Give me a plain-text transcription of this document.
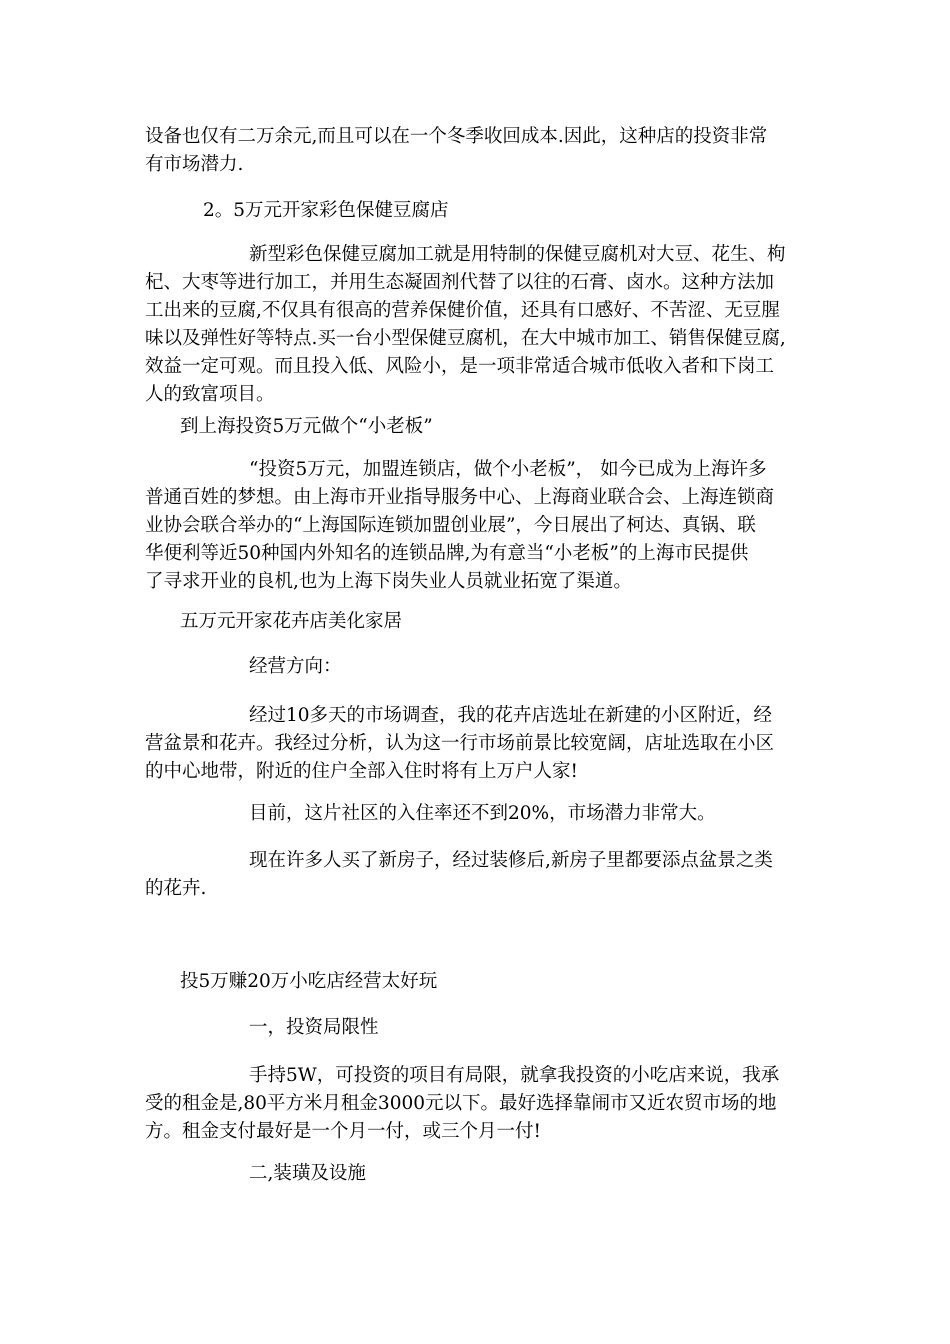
设备也仅有二万余元,而且可以在一个冬季收回成本.因此，这种店的投资非常
有市场潜力.
2。5万元开家彩色保健豆腐店
新型彩色保健豆腐加工就是用特制的保健豆腐机对大豆、花生、枸
杞、大枣等进行加工，并用生态凝固剂代替了以往的石膏、卤水。这种方法加
工出来的豆腐,不仅具有很高的营养保健价值，还具有口感好、不苦涩、无豆腥
味以及弹性好等特点.买一台小型保健豆腐机，在大中城市加工、销售保健豆腐,
效益一定可观。而且投入低、风险小，是一项非常适合城市低收入者和下岗工
人的致富项目。
到上海投资5万元做个“小老板”
“投资5万元，加盟连锁店，做个小老板”， 如今已成为上海许多
普通百姓的梦想。由上海市开业指导服务中心、上海商业联合会、上海连锁商
业协会联合举办的“上海国际连锁加盟创业展”，今日展出了柯达、真锅、联
华便利等近50种国内外知名的连锁品牌,为有意当“小老板”的上海市民提供
了寻求开业的良机,也为上海下岗失业人员就业拓宽了渠道。
五万元开家花卉店美化家居
经营方向：
经过10多天的市场调查，我的花卉店选址在新建的小区附近，经
营盆景和花卉。我经过分析，认为这一行市场前景比较宽阔，店址选取在小区
的中心地带，附近的住户全部入住时将有上万户人家!
目前，这片社区的入住率还不到20%，市场潜力非常大。
现在许多人买了新房子，经过装修后,新房子里都要添点盆景之类
的花卉.
投5万赚20万小吃店经营太好玩
一，投资局限性
手持5W，可投资的项目有局限，就拿我投资的小吃店来说，我承
受的租金是,80平方米月租金3000元以下。最好选择靠闹市又近农贸市场的地
方。租金支付最好是一个月一付，或三个月一付!
二,装璜及设施
